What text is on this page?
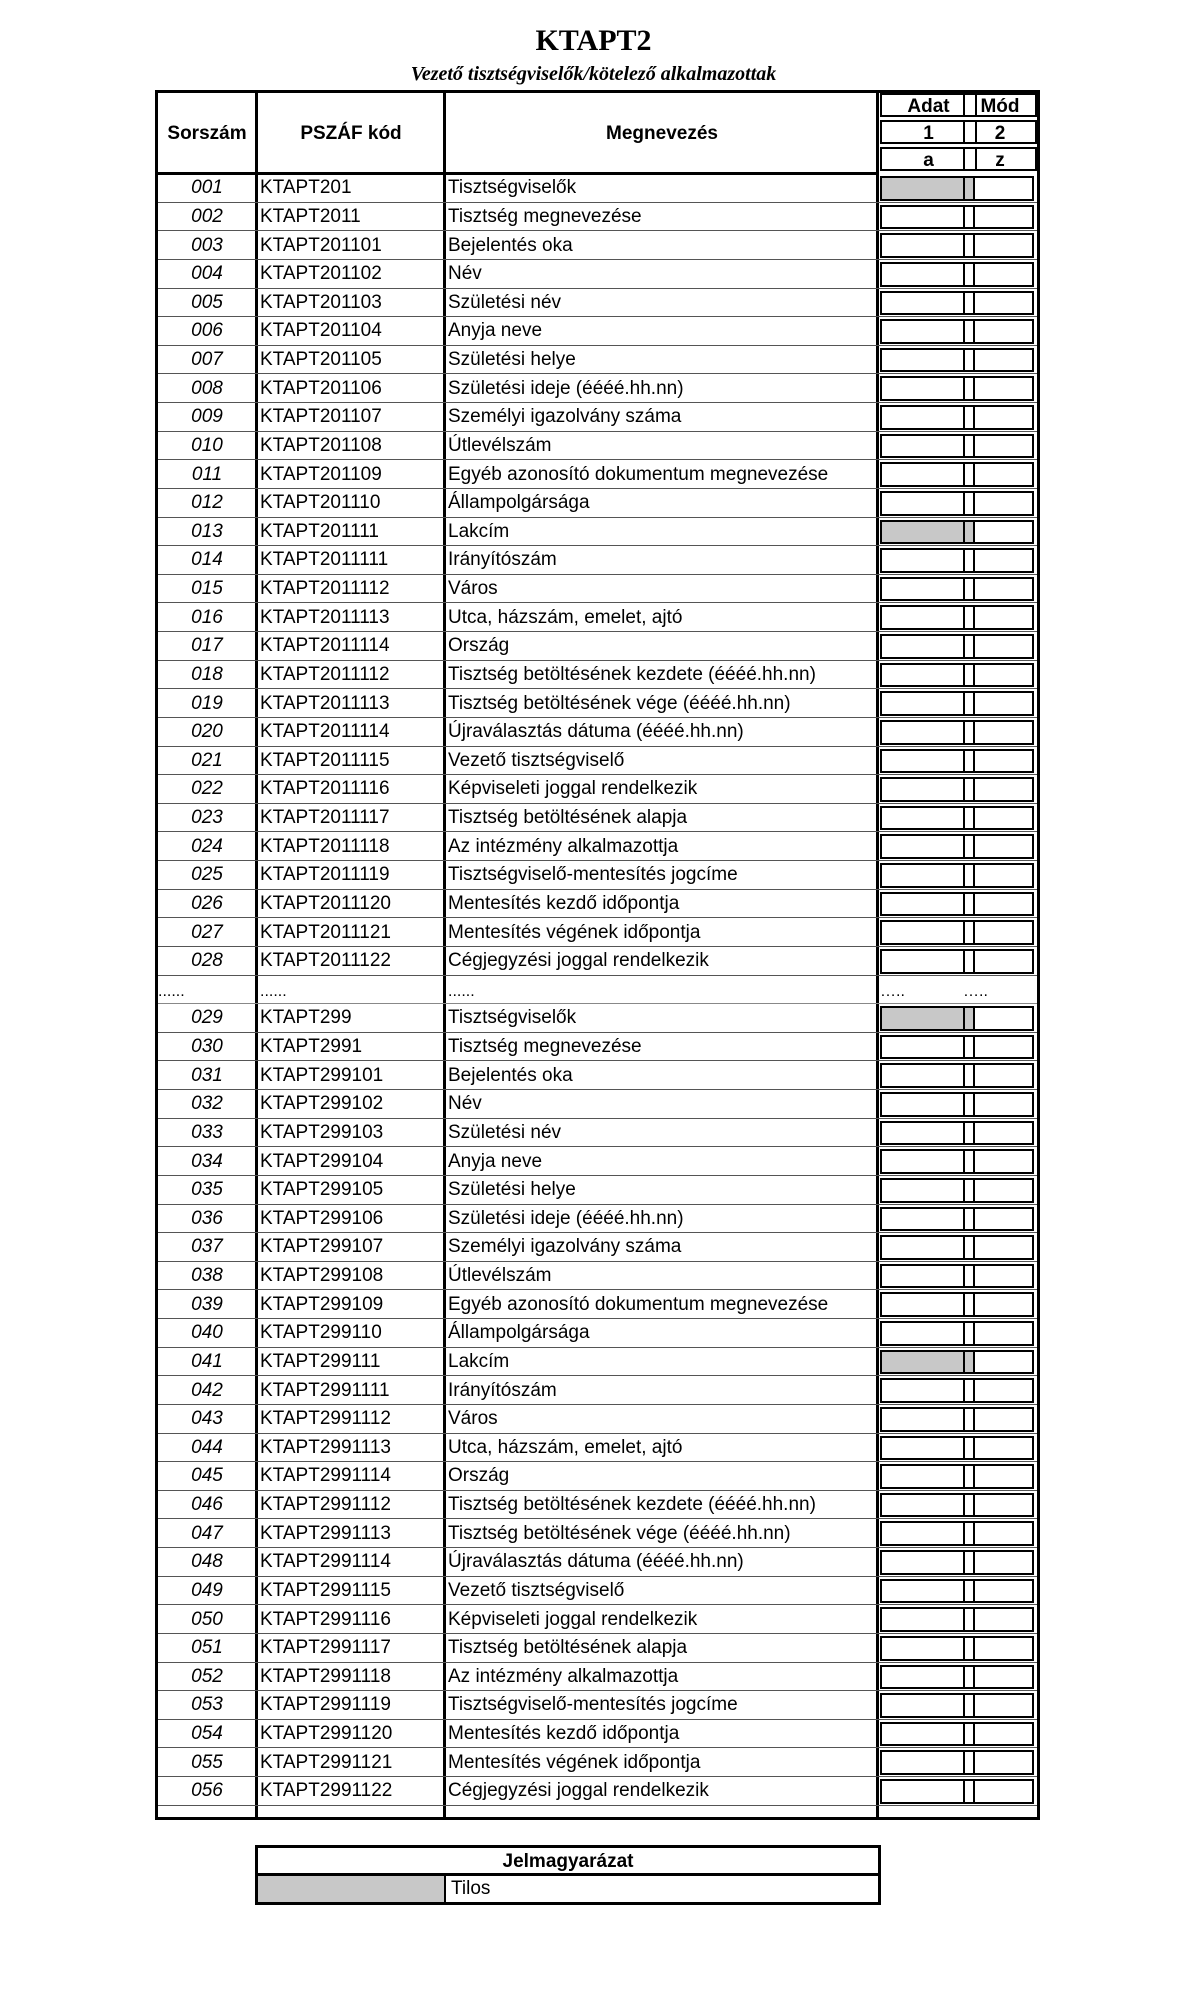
KTAPT2
Vezető tisztségviselők/kötelező alkalmazottak
Sorszám	PSZÁF kód	Megnevezés
Adat	Mód
1	2
a	z
001	KTAPT201	Tisztségviselők
002	KTAPT2011	Tisztség megnevezése
003	KTAPT201101	Bejelentés oka
004	KTAPT201102	Név
005	KTAPT201103	Születési név
006	KTAPT201104	Anyja neve
007	KTAPT201105	Születési helye
008	KTAPT201106	Születési ideje (éééé.hh.nn)
009	KTAPT201107	Személyi igazolvány száma
010	KTAPT201108	Útlevélszám
011	KTAPT201109	Egyéb azonosító dokumentum megnevezése
012	KTAPT201110	Állampolgársága
013	KTAPT201111	Lakcím
014	KTAPT2011111	Irányítószám
015	KTAPT2011112	Város
016	KTAPT2011113	Utca, házszám, emelet, ajtó
017	KTAPT2011114	Ország
018	KTAPT2011112	Tisztség betöltésének kezdete (éééé.hh.nn)
019	KTAPT2011113	Tisztség betöltésének vége (éééé.hh.nn)
020	KTAPT2011114	Újraválasztás dátuma (éééé.hh.nn)
021	KTAPT2011115	Vezető tisztségviselő
022	KTAPT2011116	Képviseleti joggal rendelkezik
023	KTAPT2011117	Tisztség betöltésének alapja
024	KTAPT2011118	Az intézmény alkalmazottja
025	KTAPT2011119	Tisztségviselő-mentesítés jogcíme
026	KTAPT2011120	Mentesítés kezdő időpontja
027	KTAPT2011121	Mentesítés végének időpontja
028	KTAPT2011122	Cégjegyzési joggal rendelkezik
......	......	......	…..	…..
029	KTAPT299	Tisztségviselők
030	KTAPT2991	Tisztség megnevezése
031	KTAPT299101	Bejelentés oka
032	KTAPT299102	Név
033	KTAPT299103	Születési név
034	KTAPT299104	Anyja neve
035	KTAPT299105	Születési helye
036	KTAPT299106	Születési ideje (éééé.hh.nn)
037	KTAPT299107	Személyi igazolvány száma
038	KTAPT299108	Útlevélszám
039	KTAPT299109	Egyéb azonosító dokumentum megnevezése
040	KTAPT299110	Állampolgársága
041	KTAPT299111	Lakcím
042	KTAPT2991111	Irányítószám
043	KTAPT2991112	Város
044	KTAPT2991113	Utca, házszám, emelet, ajtó
045	KTAPT2991114	Ország
046	KTAPT2991112	Tisztség betöltésének kezdete (éééé.hh.nn)
047	KTAPT2991113	Tisztség betöltésének vége (éééé.hh.nn)
048	KTAPT2991114	Újraválasztás dátuma (éééé.hh.nn)
049	KTAPT2991115	Vezető tisztségviselő
050	KTAPT2991116	Képviseleti joggal rendelkezik
051	KTAPT2991117	Tisztség betöltésének alapja
052	KTAPT2991118	Az intézmény alkalmazottja
053	KTAPT2991119	Tisztségviselő-mentesítés jogcíme
054	KTAPT2991120	Mentesítés kezdő időpontja
055	KTAPT2991121	Mentesítés végének időpontja
056	KTAPT2991122	Cégjegyzési joggal rendelkezik
Jelmagyarázat
Tilos
